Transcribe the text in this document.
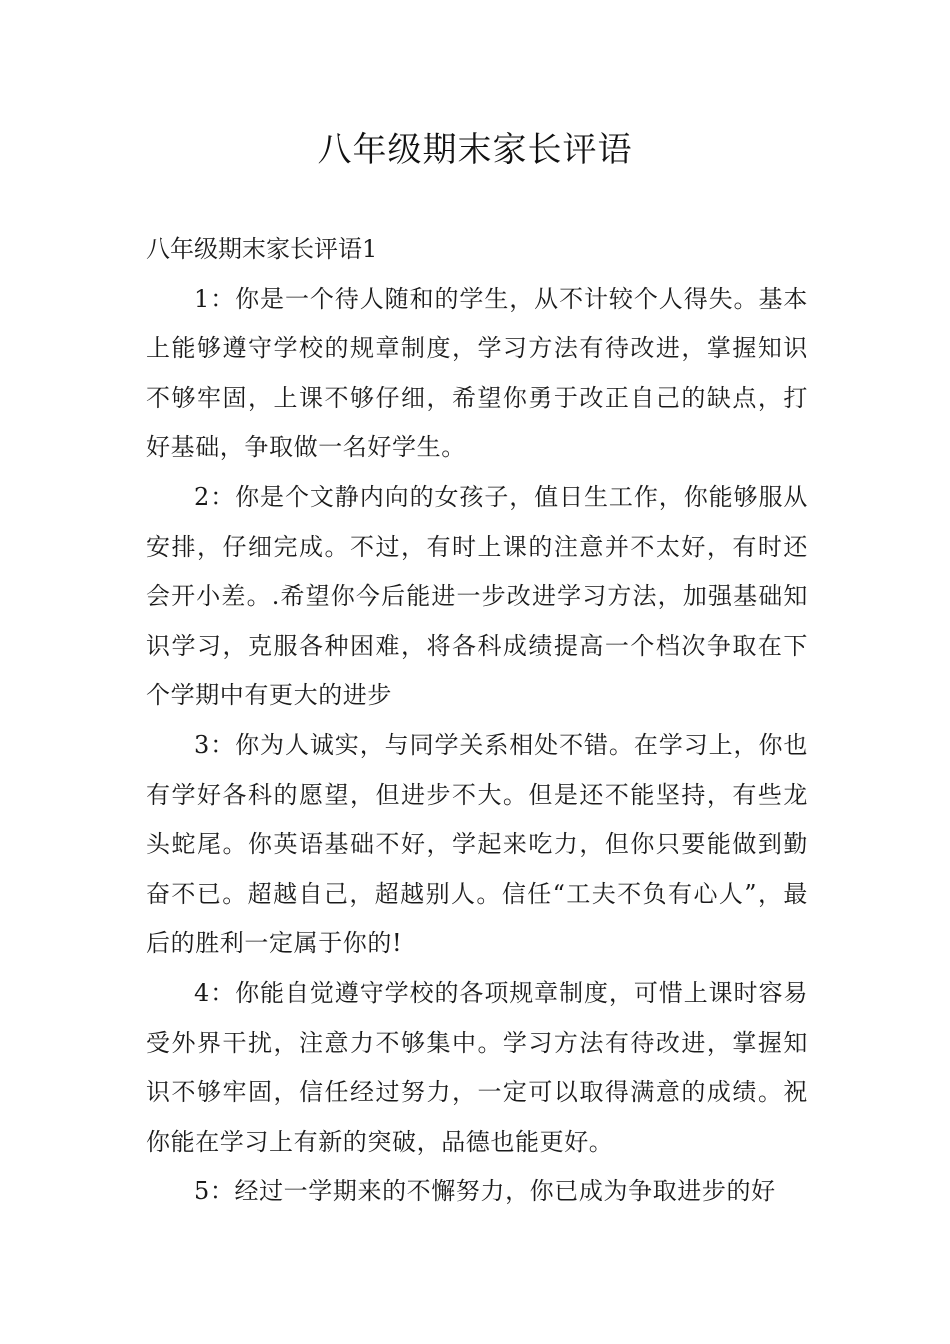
八年级期末家长评语
八年级期末家长评语1

1：你是一个待人随和的学生，从不计较个人得失。基本上能够遵守学校的规章制度，学习方法有待改进，掌握知识不够牢固，上课不够仔细，希望你勇于改正自己的缺点，打好基础，争取做一名好学生。

2：你是个文静内向的女孩子，值日生工作，你能够服从安排，仔细完成。不过，有时上课的注意并不太好，有时还会开小差。.希望你今后能进一步改进学习方法，加强基础知识学习，克服各种困难，将各科成绩提高一个档次争取在下个学期中有更大的进步

3：你为人诚实，与同学关系相处不错。在学习上，你也有学好各科的愿望，但进步不大。但是还不能坚持，有些龙头蛇尾。你英语基础不好，学起来吃力，但你只要能做到勤奋不已。超越自己，超越别人。信任“工夫不负有心人”，最后的胜利一定属于你的!

4：你能自觉遵守学校的各项规章制度，可惜上课时容易受外界干扰，注意力不够集中。学习方法有待改进，掌握知识不够牢固，信任经过努力，一定可以取得满意的成绩。祝你能在学习上有新的突破，品德也能更好。

5：经过一学期来的不懈努力，你已成为争取进步的好
